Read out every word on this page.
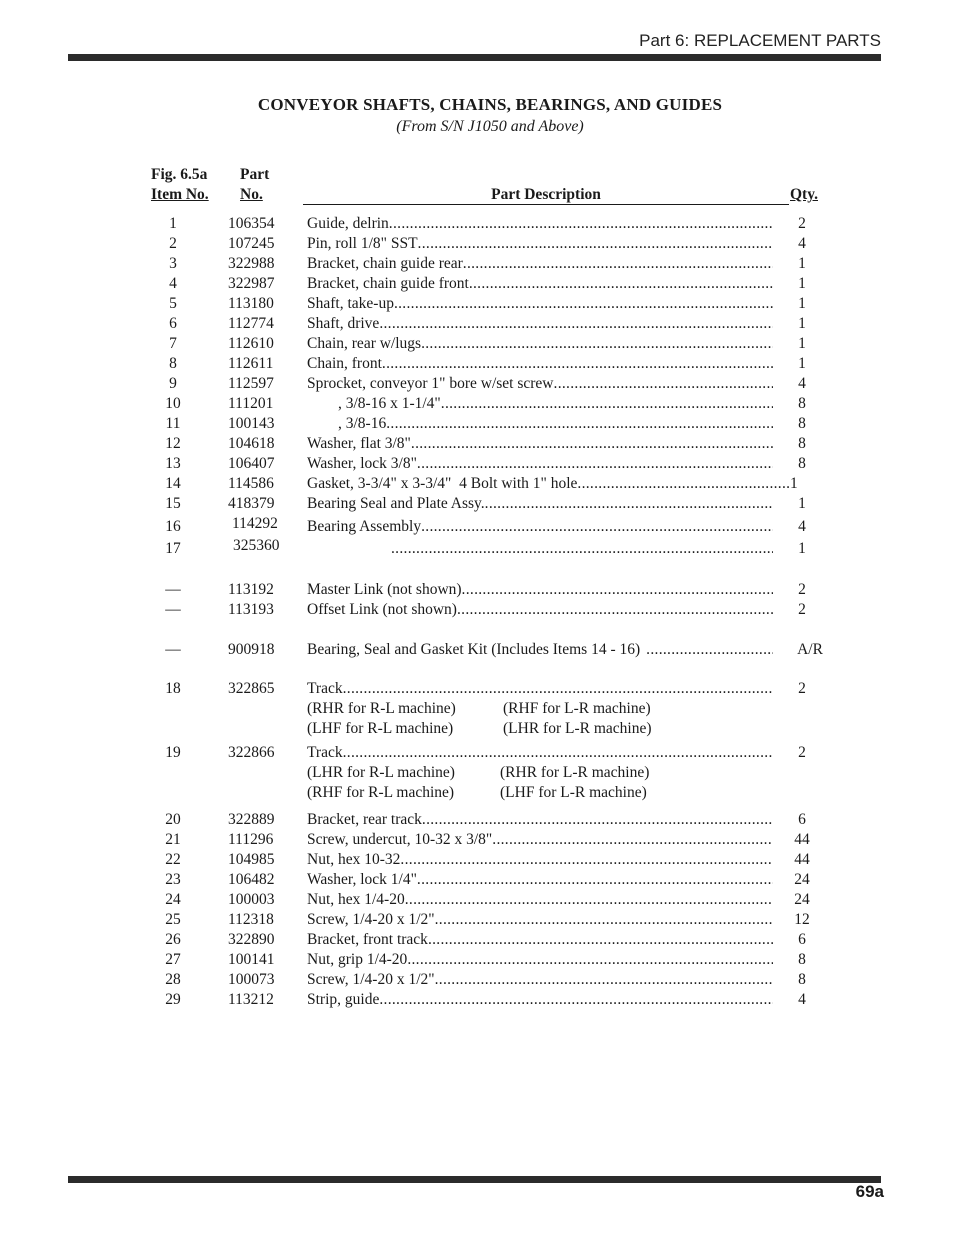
Part 6: REPLACEMENT PARTS
CONVEYOR SHAFTS, CHAINS, BEARINGS, AND GUIDES
(From S/N J1050 and Above)
Fig. 6.5a
Item No.
Part
No.	Part Description	Qty.
1	106354	Guide, delrin .....	2
2	107245	Pin, roll 1/8" SST .....	4
3	322988	Bracket, chain guide rear .....	1
4	322987	Bracket, chain guide front .....	1
5	113180	Shaft, take-up .....	1
6	112774	Shaft, drive .....	1
7	112610	Chain, rear w/lugs .....	1
8	112611	Chain, front .....	1
9	112597	Sprocket, conveyor 1" bore w/set screw .....	4
10	111201	, 3/8-16 x 1-1/4" .....	8
11	100143	, 3/8-16 .....	8
12	104618	Washer, flat 3/8" .....	8
13	106407	Washer, lock 3/8" .....	8
14	114586	Gasket, 3-3/4" x 3-3/4"  4 Bolt with 1" hole .....	1
15	418379	Bearing Seal and Plate Assy. .....	1
16	114292	Bearing Assembly .....	4
17	325360 .....	1
—	113192	Master Link (not shown) .....	2
—	113193	Offset Link (not shown) .....	2
—	900918	Bearing, Seal and Gasket Kit (Includes Items 14 - 16) .....	A/R
18	322865	Track .....	2
(RHR for R-L machine)	(RHF for L-R machine)
(LHF for R-L machine)	(LHR for L-R machine)
19	322866	Track .....	2
(LHR for R-L machine)	(RHR for L-R machine)
(RHF for R-L machine)	(LHF for L-R machine)
20	322889	Bracket, rear track .....	6
21	111296	Screw, undercut, 10-32 x 3/8" .....	44
22	104985	Nut, hex 10-32 .....	44
23	106482	Washer, lock 1/4" .....	24
24	100003	Nut, hex 1/4-20 .....	24
25	112318	Screw, 1/4-20 x 1/2" .....	12
26	322890	Bracket, front track .....	6
27	100141	Nut, grip 1/4-20 .....	8
28	100073	Screw, 1/4-20 x 1/2" .....	8
29	113212	Strip, guide .....	4
69a
